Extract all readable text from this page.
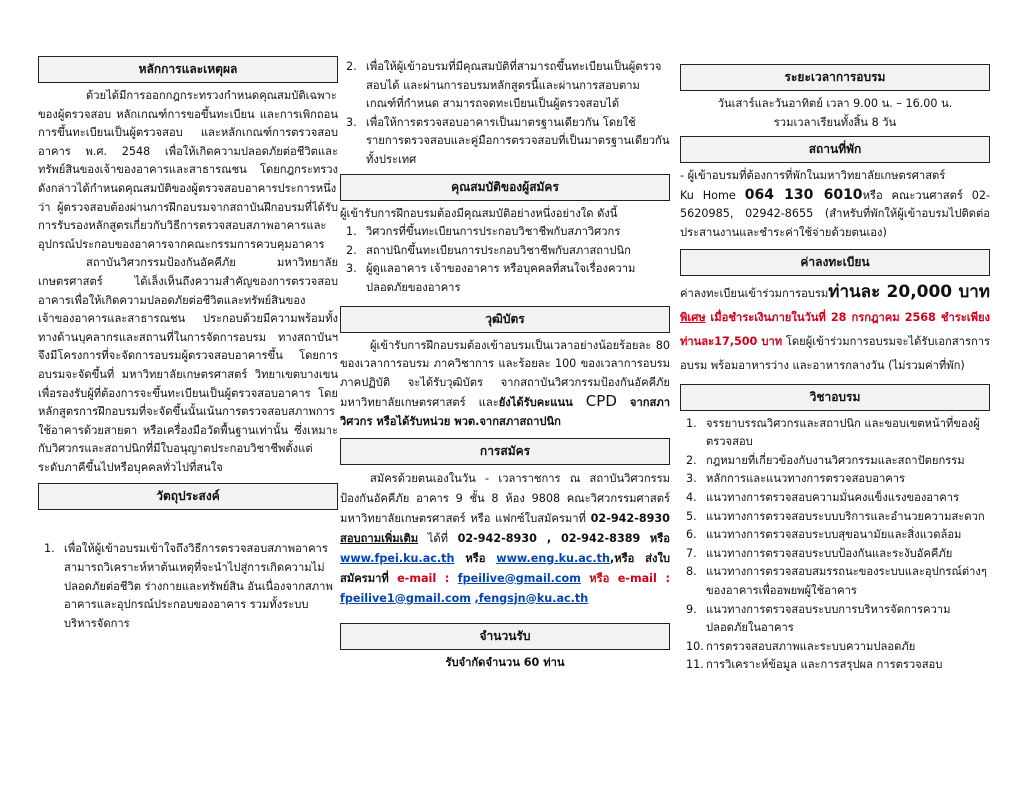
หลักการและเหตุผล

ด้วยได้มีการออกกฎกระทรวงกำหนดคุณสมบัติเฉพาะของผู้ตรวจสอบ หลักเกณฑ์การขอขึ้นทะเบียน และการเพิกถอนการขึ้นทะเบียนเป็นผู้ตรวจสอบ และหลักเกณฑ์การตรวจสอบอาคาร พ.ศ. 2548 เพื่อให้เกิดความปลอดภัยต่อชีวิตและทรัพย์สินของเจ้าของอาคารและสาธารณชน โดยกฎกระทรวงดังกล่าวได้กำหนดคุณสมบัติของผู้ตรวจสอบอาคารประการหนึ่งว่า ผู้ตรวจสอบต้องผ่านการฝึกอบรมจากสถาบันฝึกอบรมที่ได้รับการรับรองหลักสูตรเกี่ยวกับวิธีการตรวจสอบสภาพอาคารและอุปกรณ์ประกอบของอาคารจากคณะกรรมการควบคุมอาคาร

สถาบันวิศวกรรมป้องกันอัคคีภัย มหาวิทยาลัยเกษตรศาสตร์ ได้เล็งเห็นถึงความสำคัญของการตรวจสอบอาคารเพื่อให้เกิดความปลอดภัยต่อชีวิตและทรัพย์สินของเจ้าของอาคารและสาธารณชน ประกอบด้วยมีความพร้อมทั้งทางด้านบุคลากรและสถานที่ในการจัดการอบรม ทางสถาบันฯ จึงมีโครงการที่จะจัดการอบรมผู้ตรวจสอบอาคารขึ้น โดยการอบรมจะจัดขึ้นที่ มหาวิทยาลัยเกษตรศาสตร์ วิทยาเขตบางเขน เพื่อรองรับผู้ที่ต้องการจะขึ้นทะเบียนเป็นผู้ตรวจสอบอาคาร โดยหลักสูตรการฝึกอบรมที่จะจัดขึ้นนั้นเน้นการตรวจสอบสภาพการใช้อาคารด้วยสายตา หรือเครื่องมือวัดพื้นฐานเท่านั้น ซึ่งเหมาะกับวิศวกรและสถาปนิกที่มีใบอนุญาตประกอบวิชาชีพตั้งแต่ระดับภาคีขึ้นไปหรือบุคคลทั่วไปที่สนใจ

วัตถุประสงค์
1. เพื่อให้ผู้เข้าอบรมเข้าใจถึงวิธีการตรวจสอบสภาพอาคาร สามารถวิเคราะห์หาต้นเหตุที่จะนำไปสู่การเกิดความไม่ปลอดภัยต่อชีวิต ร่างกายและทรัพย์สิน อันเนื่องจากสภาพอาคารและอุปกรณ์ประกอบของอาคาร รวมทั้งระบบบริหารจัดการ
2. เพื่อให้ผู้เข้าอบรมที่มีคุณสมบัติที่สามารถขึ้นทะเบียนเป็นผู้ตรวจสอบได้ และผ่านการอบรมหลักสูตรนี้และผ่านการสอบตามเกณฑ์ที่กำหนด สามารถจดทะเบียนเป็นผู้ตรวจสอบได้
3. เพื่อให้การตรวจสอบอาคารเป็นมาตรฐานเดียวกัน โดยใช้รายการตรวจสอบและคู่มือการตรวจสอบที่เป็นมาตรฐานเดียวกันทั้งประเทศ
คุณสมบัติของผู้สมัคร

ผู้เข้ารับการฝึกอบรมต้องมีคุณสมบัติอย่างหนึ่งอย่างใด ดังนี้

1. วิศวกรที่ขึ้นทะเบียนการประกอบวิชาชีพกับสภาวิศวกร
2. สถาปนิกขึ้นทะเบียนการประกอบวิชาชีพกับสภาสถาปนิก
3. ผู้ดูแลอาคาร เจ้าของอาคาร หรือบุคคลที่สนใจเรื่องความปลอดภัยของอาคาร
วุฒิบัตร

ผู้เข้ารับการฝึกอบรมต้องเข้าอบรมเป็นเวลาอย่างน้อยร้อยละ 80 ของเวลาการอบรม ภาควิชาการ และร้อยละ 100 ของเวลาการอบรมภาคปฏิบัติ จะได้รับวุฒิบัตร จากสถาบันวิศวกรรมป้องกันอัคคีภัย มหาวิทยาลัยเกษตรศาสตร์ และยังได้รับคะแนน CPD จากสภาวิศวกร หรือได้รับหน่วย พวต.จากสภาสถาปนิก

การสมัคร

สมัครด้วยตนเองในวัน - เวลาราชการ ณ สถาบันวิศวกรรมป้องกันอัคคีภัย อาคาร 9 ชั้น 8 ห้อง 9808 คณะวิศวกรรมศาสตร์ มหาวิทยาลัยเกษตรศาสตร์ หรือ แฟกซ์ใบสมัครมาที่ 02-942-8930 สอบถามเพิ่มเติม ได้ที่ 02-942-8930 , 02-942-8389 หรือ www.fpei.ku.ac.th หรือ www.eng.ku.ac.th,หรือ ส่งใบสมัครมาที่ e-mail : fpeilive@gmail.com หรือ e-mail : fpeilive1@gmail.com ,fengsjn@ku.ac.th

จำนวนรับ

รับจำกัดจำนวน 60 ท่าน

ระยะเวลาการอบรม

วันเสาร์และวันอาทิตย์ เวลา 9.00 น. – 16.00 น.

รวมเวลาเรียนทั้งสิ้น 8 วัน

สถานที่พัก

- ผู้เข้าอบรมที่ต้องการที่พักในมหาวิทยาลัยเกษตรศาสตร์

Ku Home 064 130 6010หรือ คณะวนศาสตร์ 02- 5620985, 02942-8655 (สำหรับที่พักให้ผู้เข้าอบรมไปติดต่อ ประสานงานและชำระค่าใช้จ่ายด้วยตนเอง)

ค่าลงทะเบียน

ค่าลงทะเบียนเข้าร่วมการอบรมท่านละ 20,000 บาท พิเศษ เมื่อชำระเงินภายในวันที่ 28 กรกฎาคม 2568 ชำระเพียง ท่านละ17,500 บาท โดยผู้เข้าร่วมการอบรมจะได้รับเอกสารการอบรม พร้อมอาหารว่าง และอาหารกลางวัน (ไม่รวมค่าที่พัก)

วิชาอบรม
1. จรรยาบรรณวิศวกรและสถาปนิก และขอบเขตหน้าที่ของผู้ตรวจสอบ
2. กฎหมายที่เกี่ยวข้องกับงานวิศวกรรมและสถาปัตยกรรม
3. หลักการและแนวทางการตรวจสอบอาคาร
4. แนวทางการตรวจสอบความมั่นคงแข็งแรงของอาคาร
5. แนวทางการตรวจสอบระบบบริการและอำนวยความสะดวก
6. แนวทางการตรวจสอบระบบสุขอนามัยและสิ่งแวดล้อม
7. แนวทางการตรวจสอบระบบป้องกันและระงับอัคคีภัย
8. แนวทางการตรวจสอบสมรรถนะของระบบและอุปกรณ์ต่างๆ ของอาคารเพื่ออพยพผู้ใช้อาคาร
9. แนวทางการตรวจสอบระบบการบริหารจัดการความปลอดภัยในอาคาร
10. การตรวจสอบสภาพและระบบความปลอดภัย
11. การวิเคราะห์ข้อมูล และการสรุปผล การตรวจสอบ
